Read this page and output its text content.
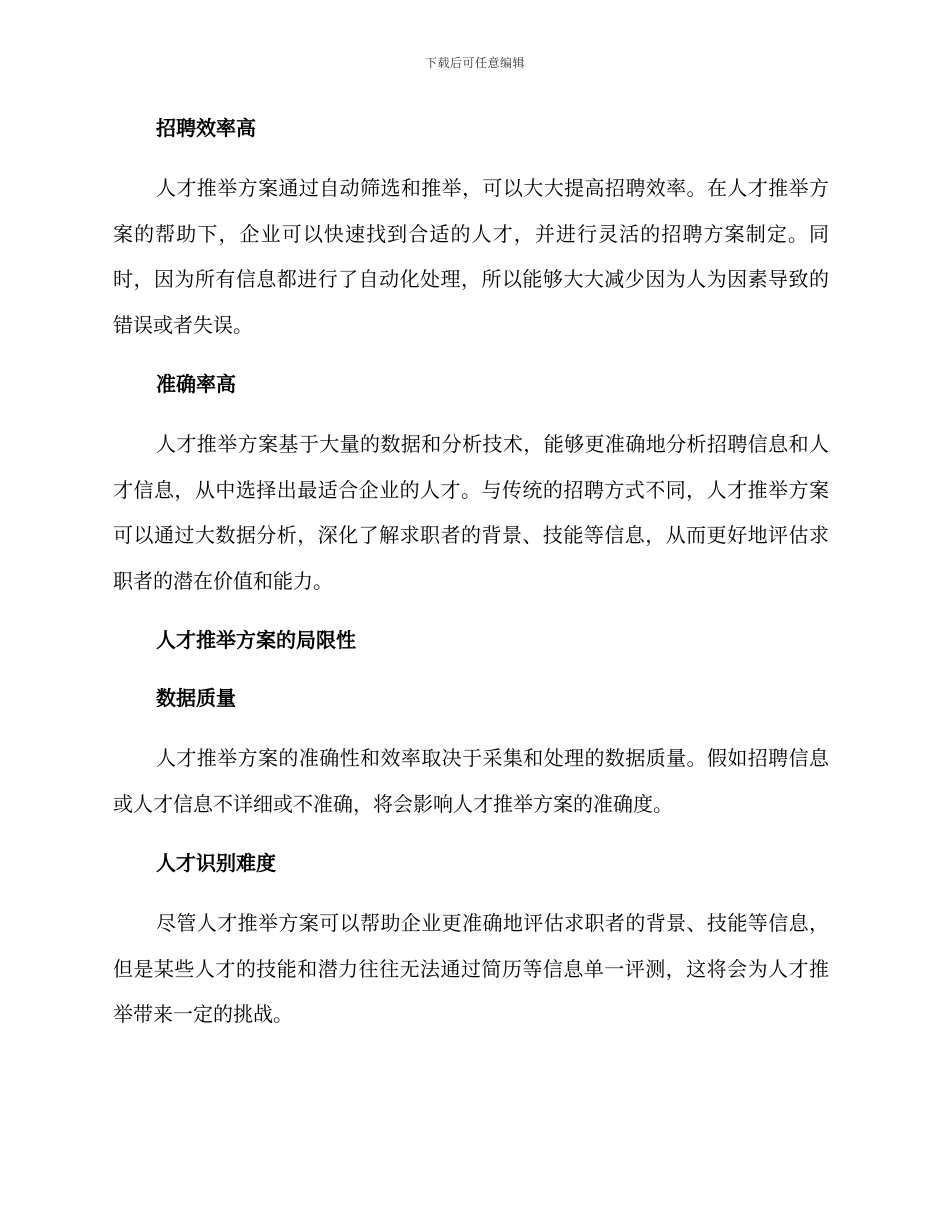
下载后可任意编辑

招聘效率高

人才推举方案通过自动筛选和推举，可以大大提高招聘效率。在人才推举方案的帮助下，企业可以快速找到合适的人才，并进行灵活的招聘方案制定。同时，因为所有信息都进行了自动化处理，所以能够大大减少因为人为因素导致的错误或者失误。

准确率高

人才推举方案基于大量的数据和分析技术，能够更准确地分析招聘信息和人才信息，从中选择出最适合企业的人才。与传统的招聘方式不同，人才推举方案可以通过大数据分析，深化了解求职者的背景、技能等信息，从而更好地评估求职者的潜在价值和能力。

人才推举方案的局限性

数据质量

人才推举方案的准确性和效率取决于采集和处理的数据质量。假如招聘信息或人才信息不详细或不准确，将会影响人才推举方案的准确度。

人才识别难度

尽管人才推举方案可以帮助企业更准确地评估求职者的背景、技能等信息，但是某些人才的技能和潜力往往无法通过简历等信息单一评测，这将会为人才推举带来一定的挑战。
